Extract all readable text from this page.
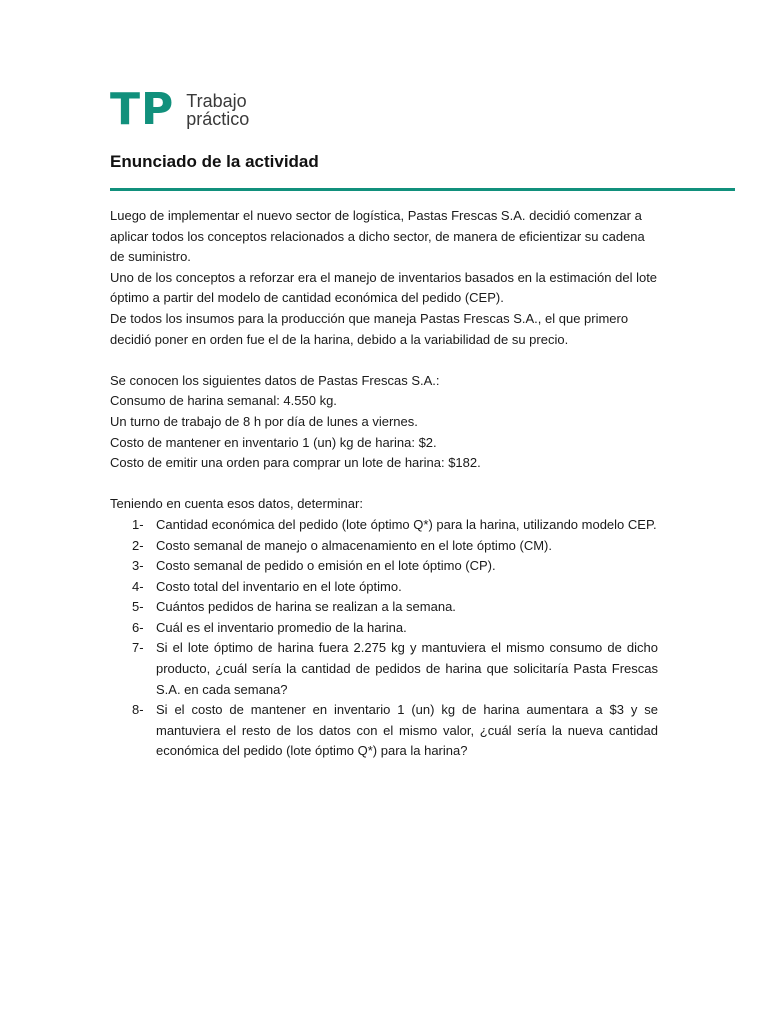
TP Trabajo
práctico
Enunciado de la actividad

Luego de implementar el nuevo sector de logística, Pastas Frescas S.A. decidió comenzar a aplicar todos los conceptos relacionados a dicho sector, de manera de eficientizar su cadena de suministro.

Uno de los conceptos a reforzar era el manejo de inventarios basados en la estimación del lote óptimo a partir del modelo de cantidad económica del pedido (CEP).

De todos los insumos para la producción que maneja Pastas Frescas S.A., el que primero decidió poner en orden fue el de la harina, debido a la variabilidad de su precio.

Se conocen los siguientes datos de Pastas Frescas S.A.:

Consumo de harina semanal: 4.550 kg.

Un turno de trabajo de 8 h por día de lunes a viernes.

Costo de mantener en inventario 1 (un) kg de harina: $2.

Costo de emitir una orden para comprar un lote de harina: $182.

Teniendo en cuenta esos datos, determinar:

1- Cantidad económica del pedido (lote óptimo Q*) para la harina, utilizando modelo CEP.
2- Costo semanal de manejo o almacenamiento en el lote óptimo (CM).
3- Costo semanal de pedido o emisión en el lote óptimo (CP).
4- Costo total del inventario en el lote óptimo.
5- Cuántos pedidos de harina se realizan a la semana.
6- Cuál es el inventario promedio de la harina.
7- Si el lote óptimo de harina fuera 2.275 kg y mantuviera el mismo consumo de dicho producto, ¿cuál sería la cantidad de pedidos de harina que solicitaría Pasta Frescas S.A. en cada semana?
8- Si el costo de mantener en inventario 1 (un) kg de harina aumentara a $3 y se mantuviera el resto de los datos con el mismo valor, ¿cuál sería la nueva cantidad económica del pedido (lote óptimo Q*) para la harina?
